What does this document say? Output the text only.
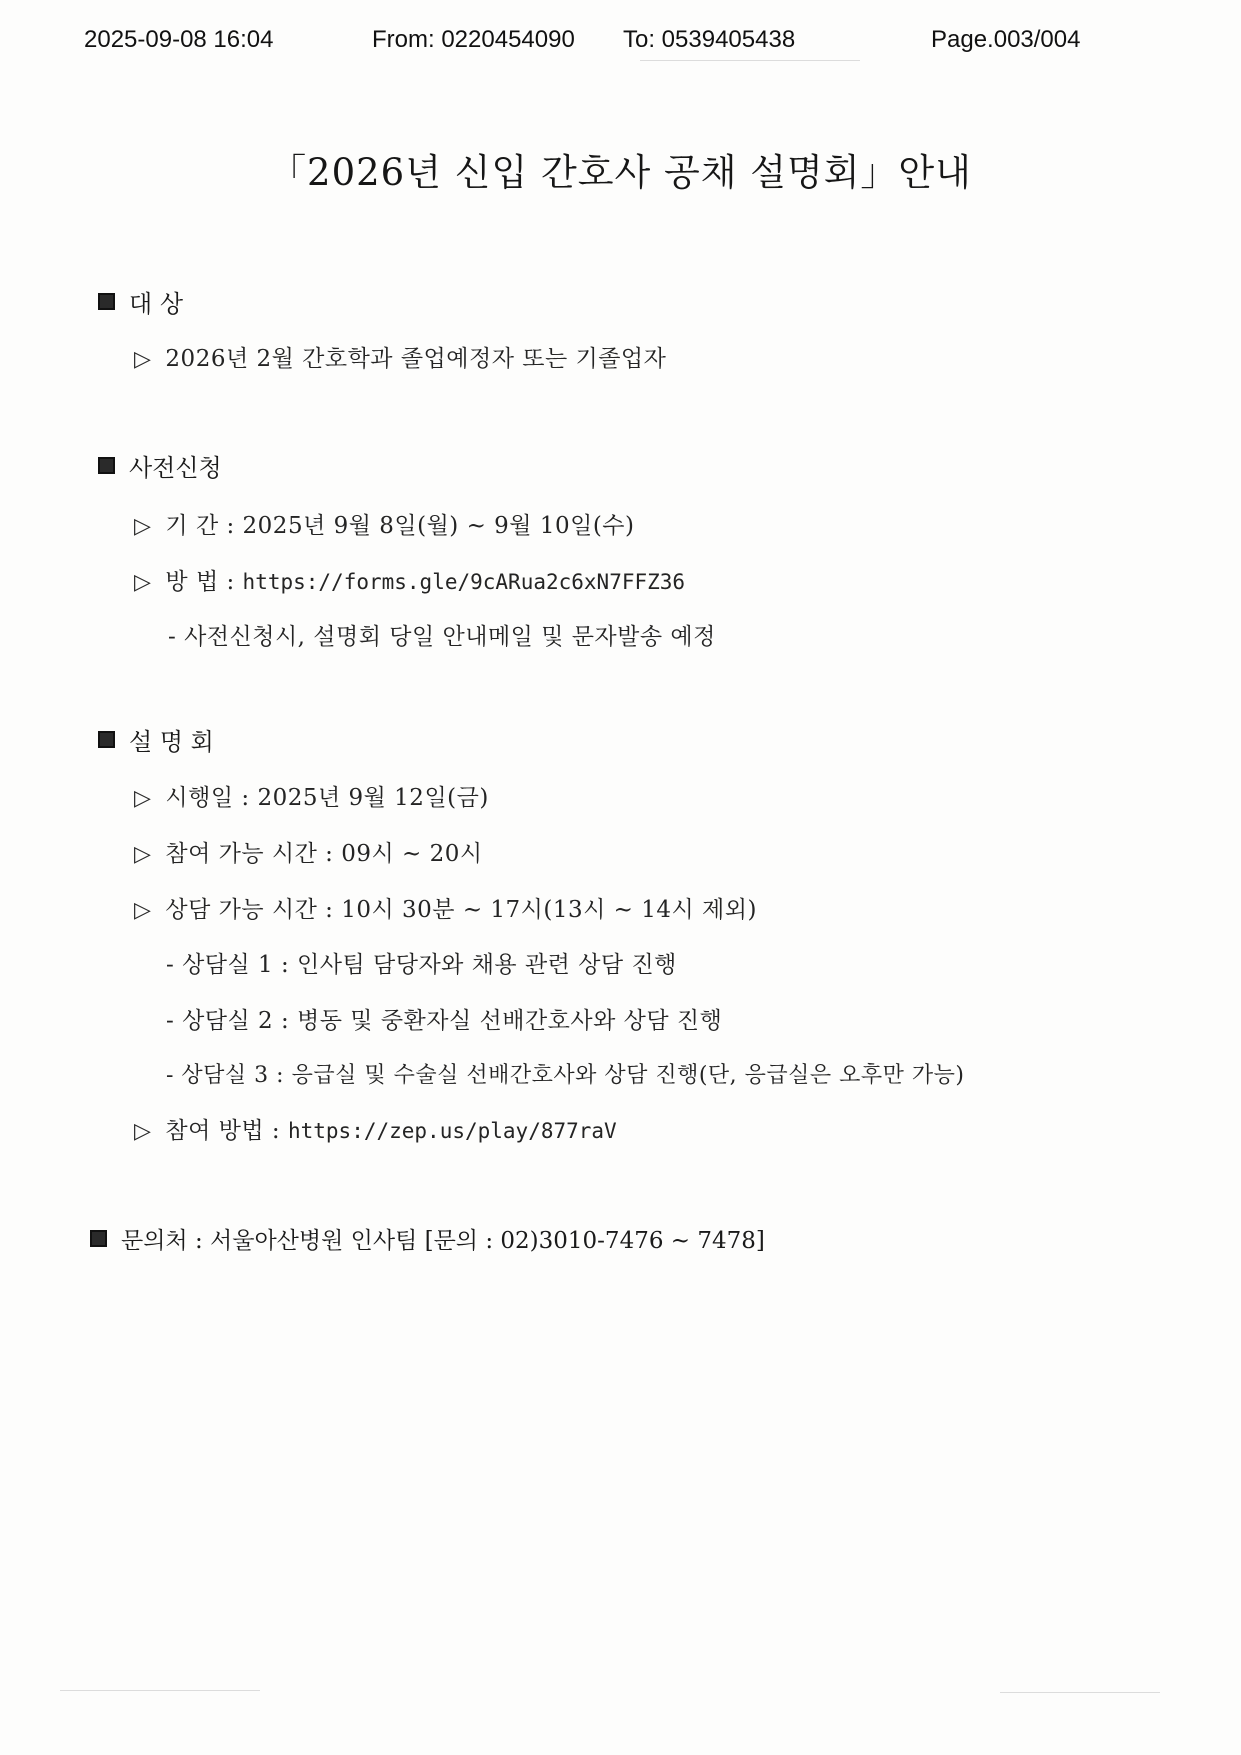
2025-09-08 16:04	From: 0220454090 To: 0539405438	Page.003/004
「2026년 신입 간호사 공채 설명회」안내
대 상
▷ 2026년 2월 간호학과 졸업예정자 또는 기졸업자
사전신청
▷ 기 간 : 2025년 9월 8일(월) ~ 9월 10일(수)
▷ 방 법 : https://forms.gle/9cARua2c6xN7FFZ36
- 사전신청시, 설명회 당일 안내메일 및 문자발송 예정
설 명 회
▷ 시행일 : 2025년 9월 12일(금)
▷ 참여 가능 시간 : 09시 ~ 20시
▷ 상담 가능 시간 : 10시 30분 ~ 17시(13시 ~ 14시 제외)
- 상담실 1 : 인사팀 담당자와 채용 관련 상담 진행
- 상담실 2 : 병동 및 중환자실 선배간호사와 상담 진행
- 상담실 3 : 응급실 및 수술실 선배간호사와 상담 진행(단, 응급실은 오후만 가능)
▷ 참여 방법 : https://zep.us/play/877raV
문의처 : 서울아산병원 인사팀 [문의 : 02)3010-7476 ~ 7478]
